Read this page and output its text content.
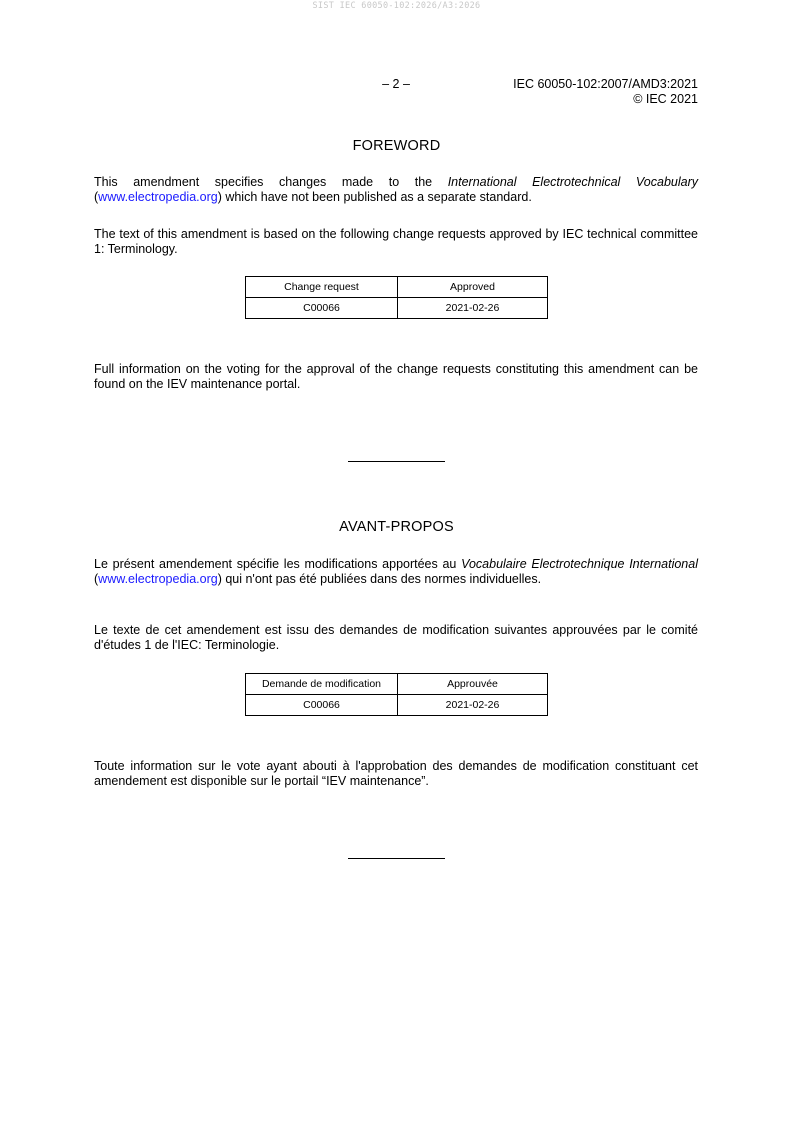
SIST IEC 60050-102:2026/A3:2026
– 2 –	IEC 60050-102:2007/AMD3:2021
© IEC 2021
FOREWORD
This amendment specifies changes made to the International Electrotechnical Vocabulary (www.electropedia.org) which have not been published as a separate standard.
The text of this amendment is based on the following change requests approved by IEC technical committee 1: Terminology.
Change request	Approved
C00066	2021-02-26
Full information on the voting for the approval of the change requests constituting this amendment can be found on the IEV maintenance portal.
AVANT-PROPOS
Le présent amendement spécifie les modifications apportées au Vocabulaire Electrotechnique International (www.electropedia.org) qui n'ont pas été publiées dans des normes individuelles.
Le texte de cet amendement est issu des demandes de modification suivantes approuvées par le comité d'études 1 de l'IEC: Terminologie.
Demande de modification	Approuvée
C00066	2021-02-26
Toute information sur le vote ayant abouti à l'approbation des demandes de modification constituant cet amendement est disponible sur le portail “IEV maintenance”.
